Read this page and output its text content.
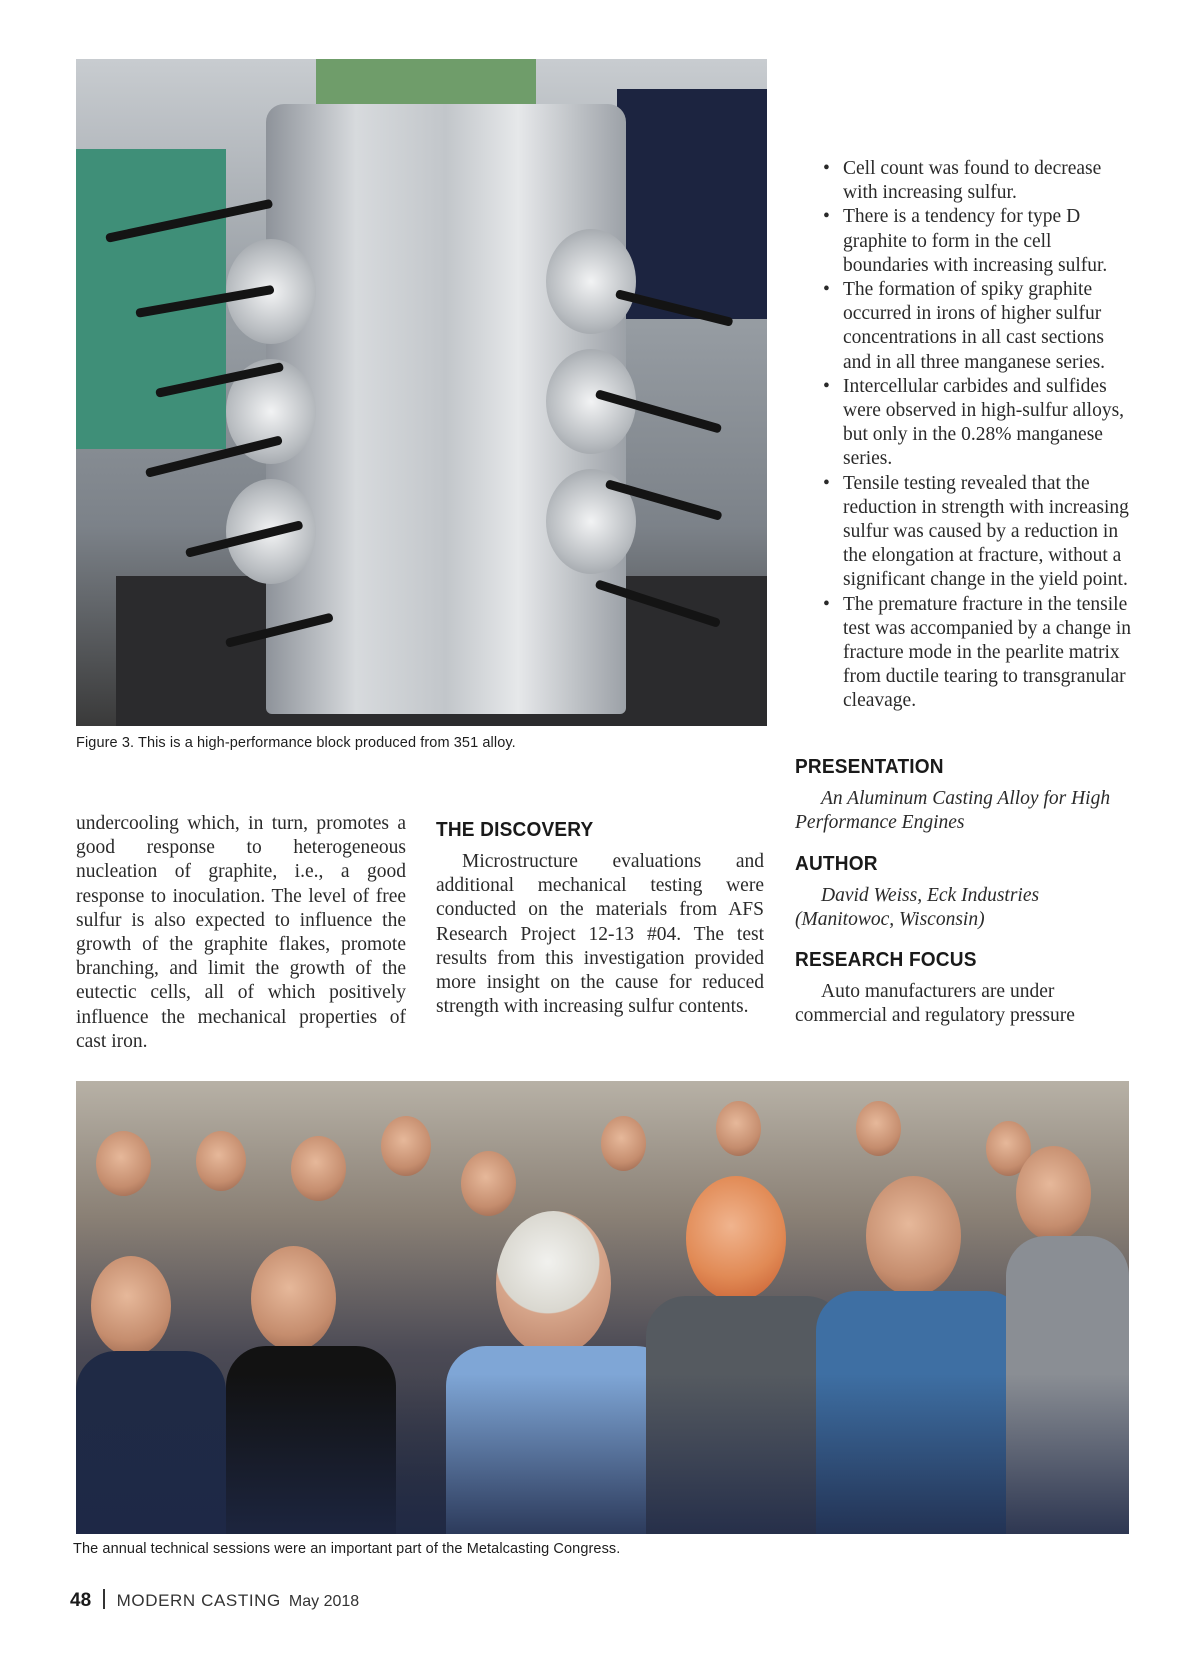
Figure 3. This is a high-performance block produced from 351 alloy.
• Cell count was found to decrease with increasing sulfur.
• There is a tendency for type D graphite to form in the cell boundaries with increasing sulfur.
• The formation of spiky graphite occurred in irons of higher sulfur concentrations in all cast sections and in all three manganese series.
• Intercellular carbides and sulfides were observed in high-sulfur alloys, but only in the 0.28% manganese series.
• Tensile testing revealed that the reduction in strength with increasing sulfur was caused by a reduction in the elongation at fracture, without a significant change in the yield point.
• The premature fracture in the tensile test was accompanied by a change in fracture mode in the pearlite matrix from ductile tearing to transgranular cleavage.
PRESENTATION

An Aluminum Casting Alloy for High Performance Engines

AUTHOR

David Weiss, Eck Industries (Manitowoc, Wisconsin)

RESEARCH FOCUS

Auto manufacturers are under commercial and regulatory pressure

undercooling which, in turn, promotes a good response to heterogeneous nucleation of graphite, i.e., a good response to inoculation. The level of free sulfur is also expected to influence the growth of the graphite flakes, promote branching, and limit the growth of the eutectic cells, all of which positively influence the mechanical properties of cast iron.

THE DISCOVERY

Microstructure evaluations and additional mechanical testing were conducted on the materials from AFS Research Project 12-13 #04. The test results from this investigation provided more insight on the cause for reduced strength with increasing sulfur contents.

The annual technical sessions were an important part of the Metalcasting Congress.
48 MODERN CASTING May 2018
